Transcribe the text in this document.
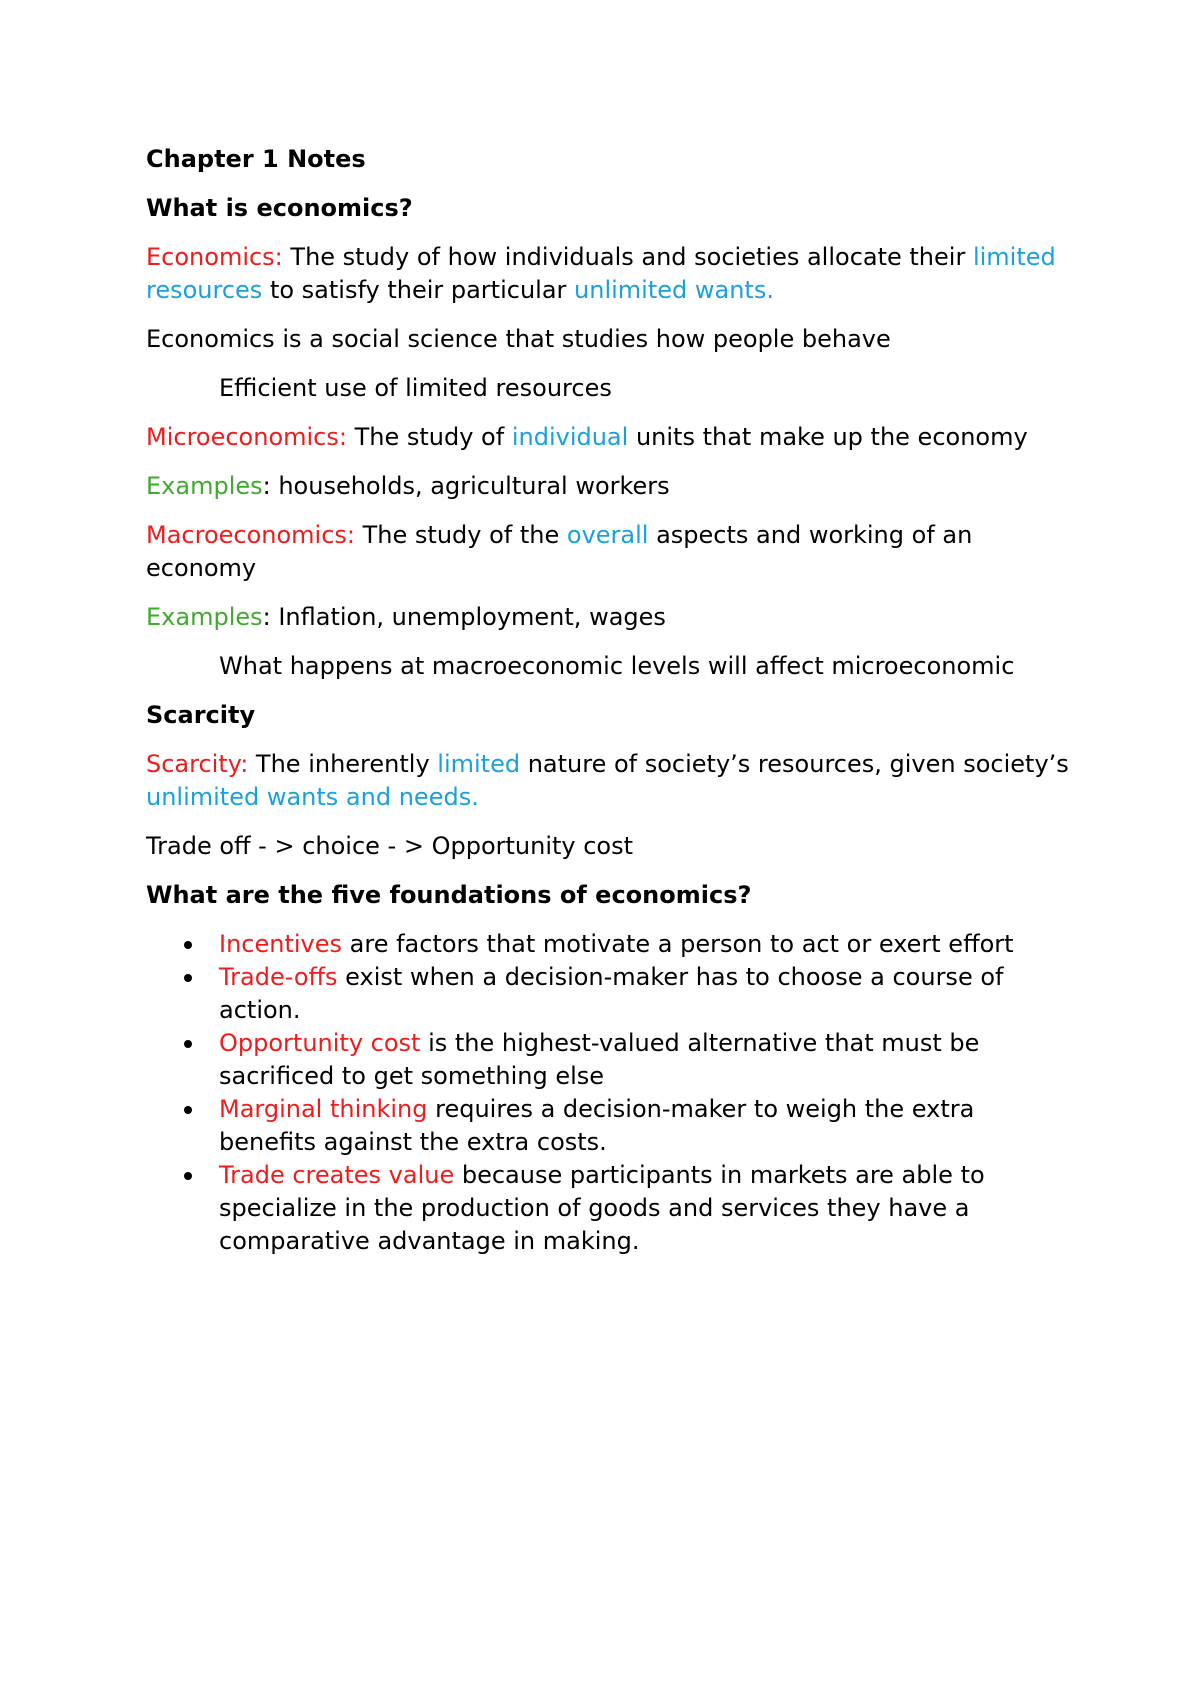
Chapter 1 Notes

What is economics?

Economics: The study of how individuals and societies allocate their limited resources to satisfy their particular unlimited wants.

Economics is a social science that studies how people behave

Efficient use of limited resources

Microeconomics: The study of individual units that make up the economy

Examples: households, agricultural workers

Macroeconomics: The study of the overall aspects and working of an economy

Examples: Inflation, unemployment, wages

What happens at macroeconomic levels will affect microeconomic

Scarcity

Scarcity: The inherently limited nature of society’s resources, given society’s unlimited wants and needs.

Trade off - > choice - > Opportunity cost

What are the five foundations of economics?

Incentives are factors that motivate a person to act or exert effort
Trade-offs exist when a decision-maker has to choose a course of action.
Opportunity cost is the highest-valued alternative that must be sacrificed to get something else
Marginal thinking requires a decision-maker to weigh the extra benefits against the extra costs.
Trade creates value because participants in markets are able to specialize in the production of goods and services they have a comparative advantage in making.
